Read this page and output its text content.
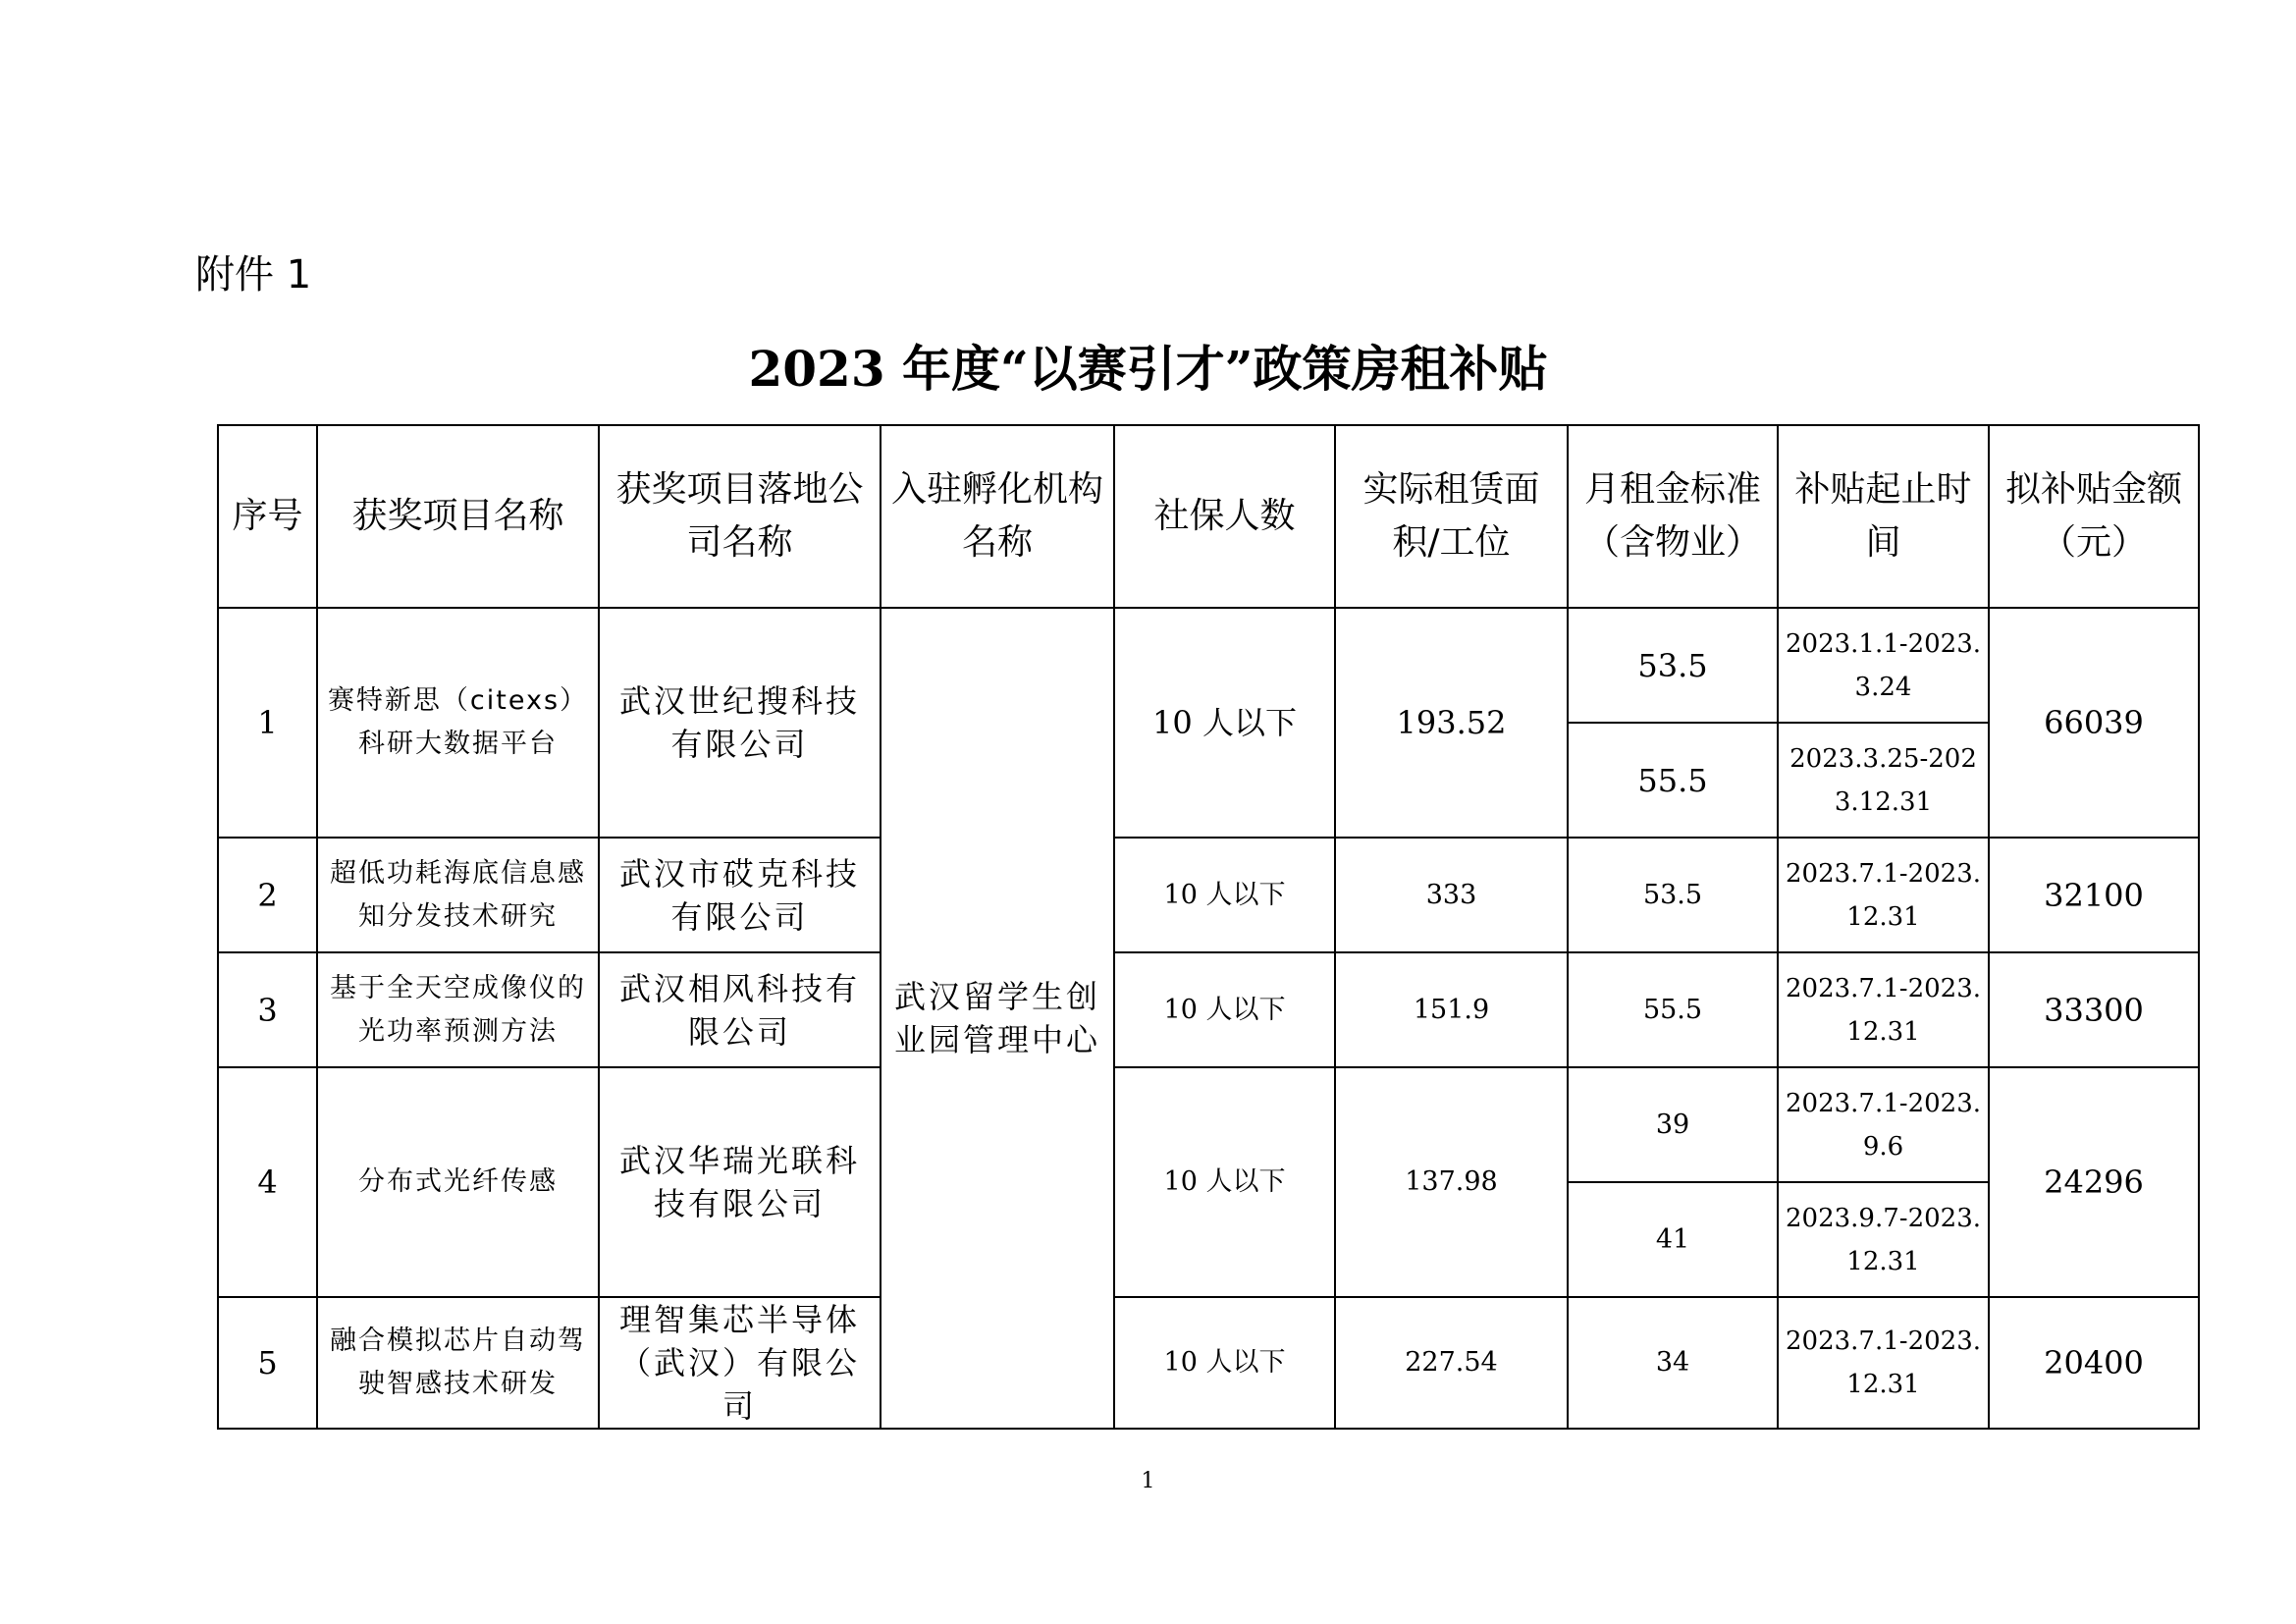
附件 1
2023 年度“以赛引才”政策房租补贴
序号	获奖项目名称	获奖项目落地公司名称	入驻孵化机构名称	社保人数	实际租赁面积/工位	月租金标准（含物业）	补贴起止时间	拟补贴金额（元）
1	赛特新思（citexs）科研大数据平台	武汉世纪搜科技有限公司	武汉留学生创业园管理中心	10 人以下	193.52	53.5	2023.1.1-2023.3.24	66039
						55.5	2023.3.25-2023.12.31	
2	超低功耗海底信息感知分发技术研究	武汉市砹克科技有限公司		10 人以下	333	53.5	2023.7.1-2023.12.31	32100
3	基于全天空成像仪的光功率预测方法	武汉相风科技有限公司		10 人以下	151.9	55.5	2023.7.1-2023.12.31	33300
4	分布式光纤传感	武汉华瑞光联科技有限公司		10 人以下	137.98	39	2023.7.1-2023.9.6	24296
						41	2023.9.7-2023.12.31	
5	融合模拟芯片自动驾驶智感技术研发	理智集芯半导体（武汉）有限公司		10 人以下	227.54	34	2023.7.1-2023.12.31	20400
1
